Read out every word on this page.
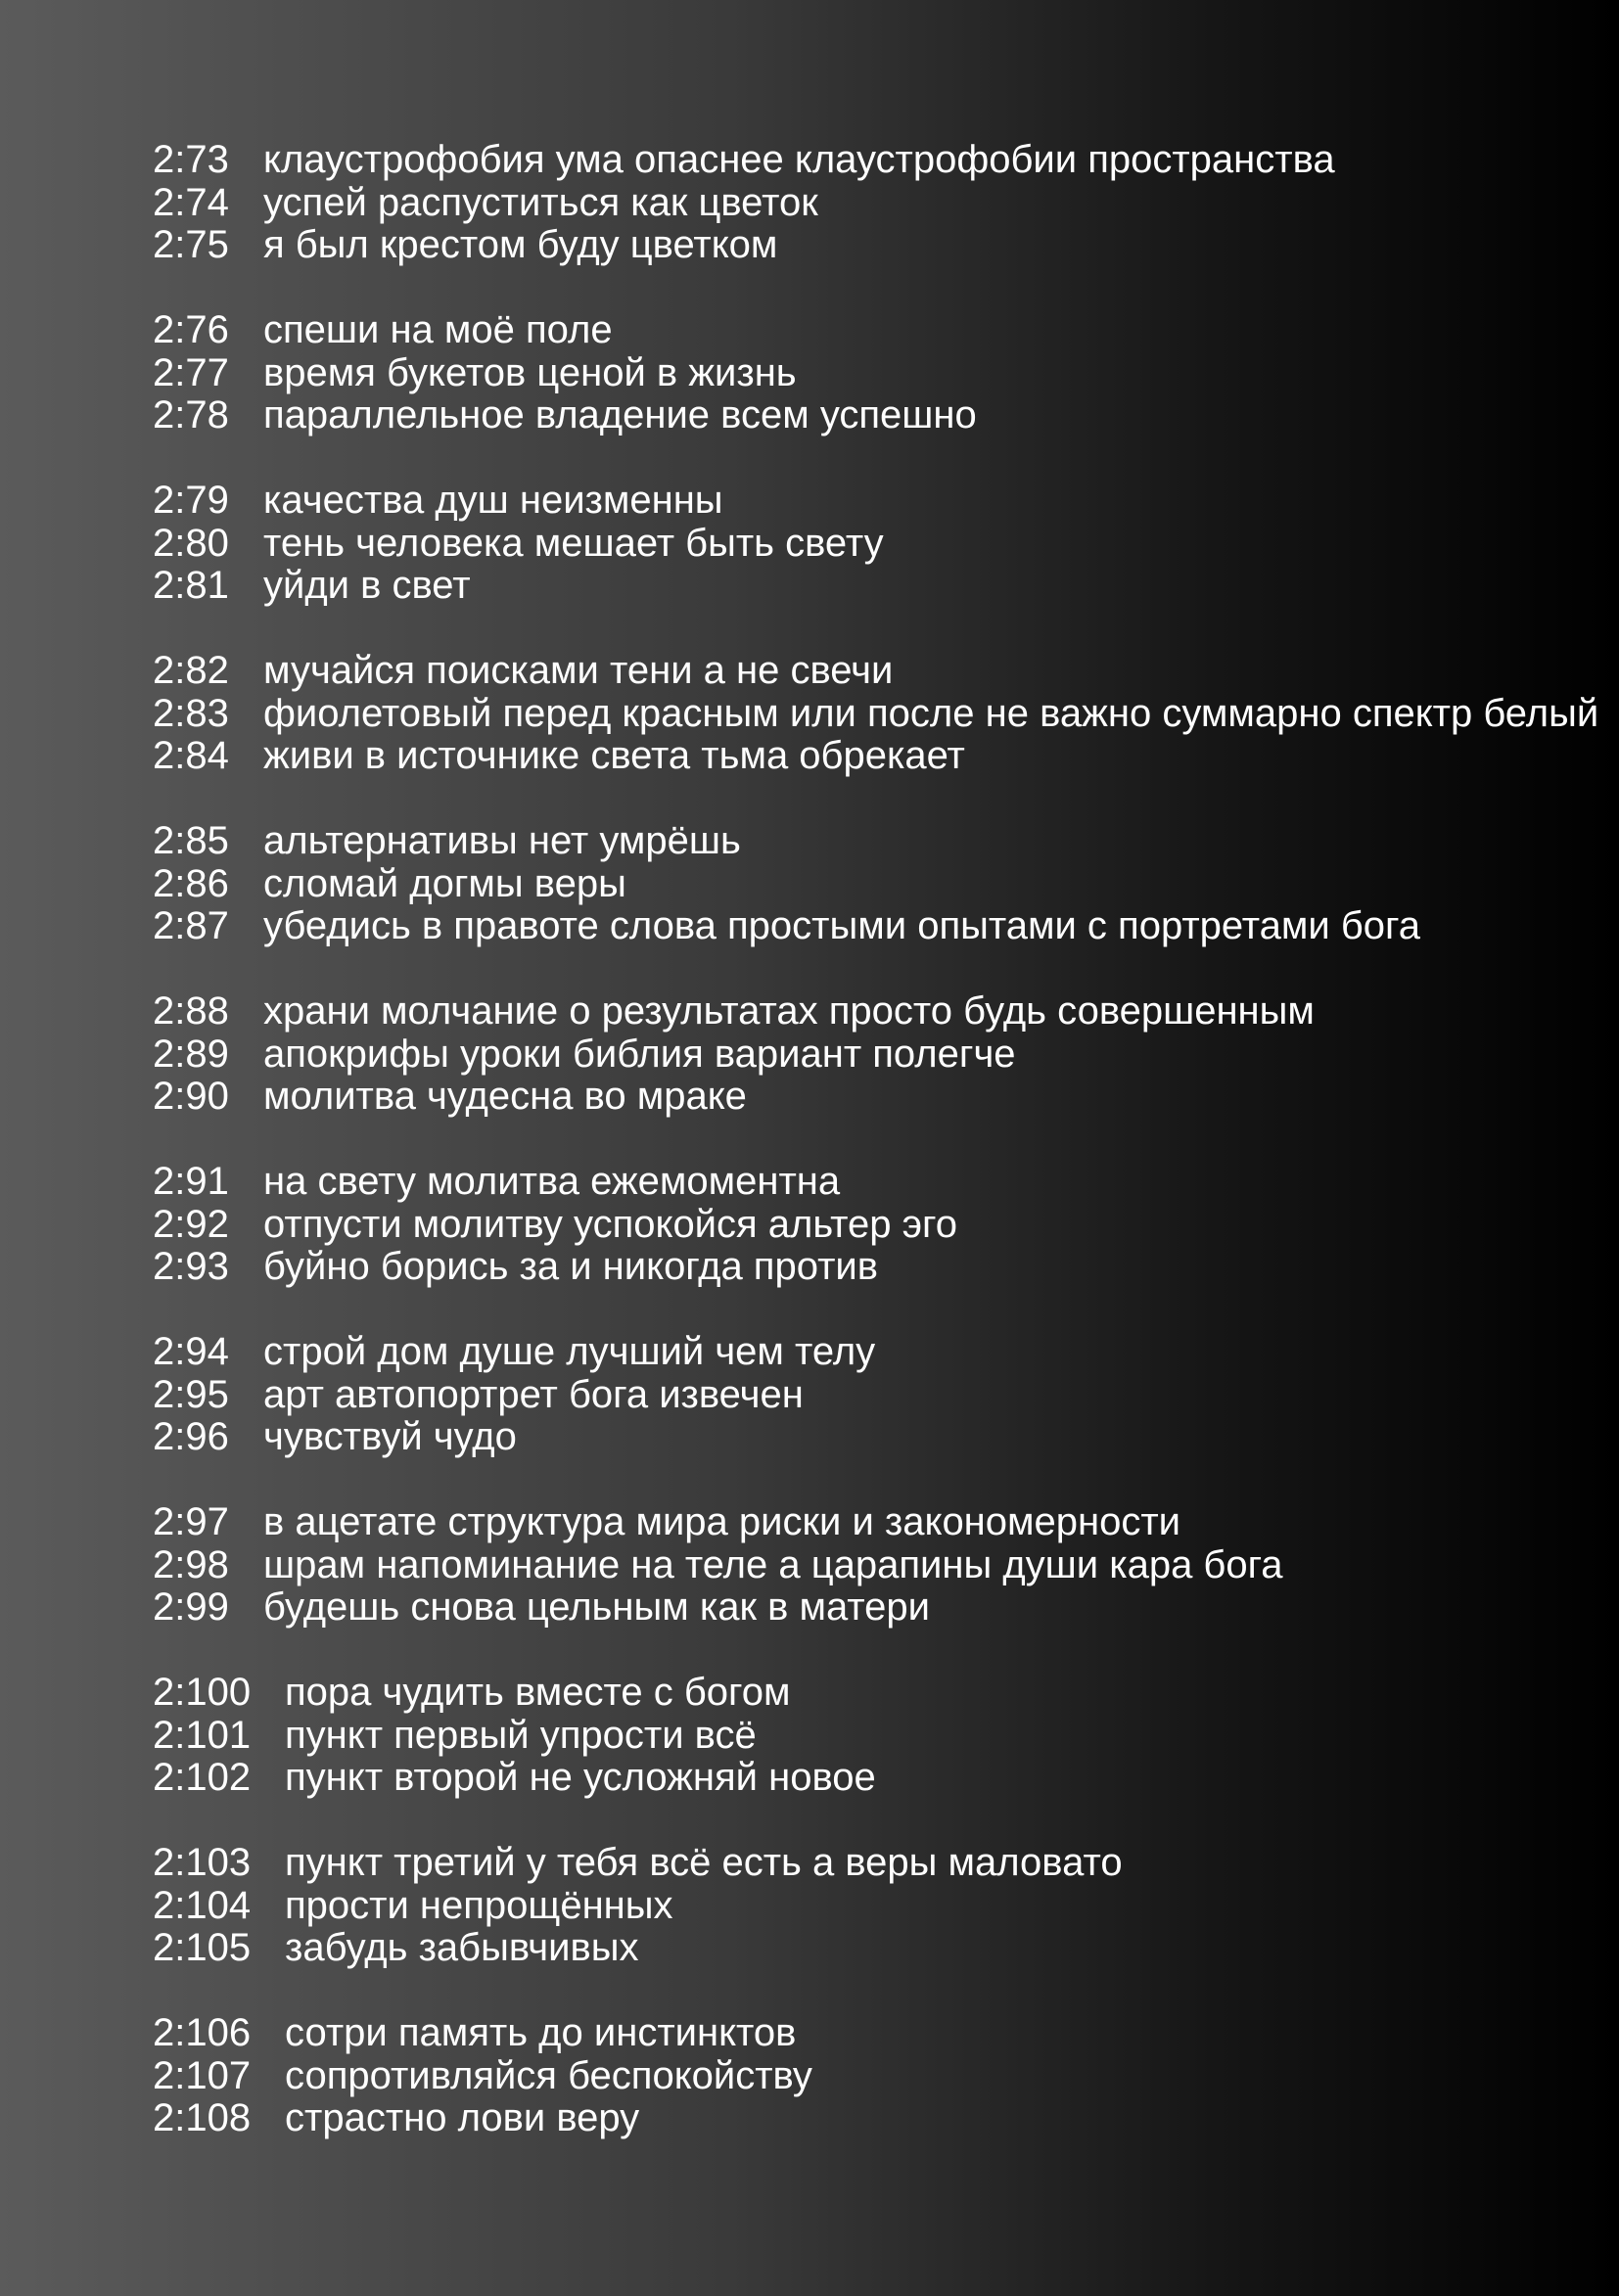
2:73 клаустрофобия ума опаснее клаустрофобии пространства
2:74 успей распуститься как цветок
2:75 я был крестом буду цветком
2:76 спеши на моё поле
2:77 время букетов ценой в жизнь
2:78 параллельное владение всем успешно
2:79 качества душ неизменны
2:80 тень человека мешает быть свету
2:81 уйди в свет
2:82 мучайся поисками тени а не свечи
2:83 фиолетовый перед красным или после не важно суммарно спектр белый
2:84 живи в источнике света тьма обрекает
2:85 альтернативы нет умрёшь
2:86 сломай догмы веры
2:87 убедись в правоте слова простыми опытами с портретами бога
2:88 храни молчание о результатах просто будь совершенным
2:89 апокрифы уроки библия вариант полегче
2:90 молитва чудесна во мраке
2:91 на свету молитва ежемоментна
2:92 отпусти молитву успокойся альтер эго
2:93 буйно борись за и никогда против
2:94 строй дом душе лучший чем телу
2:95 арт автопортрет бога извечен
2:96 чувствуй чудо
2:97 в ацетате структура мира риски и закономерности
2:98 шрам напоминание на теле а царапины души кара бога
2:99 будешь снова цельным как в матери
2:100 пора чудить вместе с богом
2:101 пункт первый упрости всё
2:102 пункт второй не усложняй новое
2:103 пункт третий у тебя всё есть а веры маловато
2:104 прости непрощённых
2:105 забудь забывчивых
2:106 сотри память до инстинктов
2:107 сопротивляйся беспокойству
2:108 страстно лови веру
